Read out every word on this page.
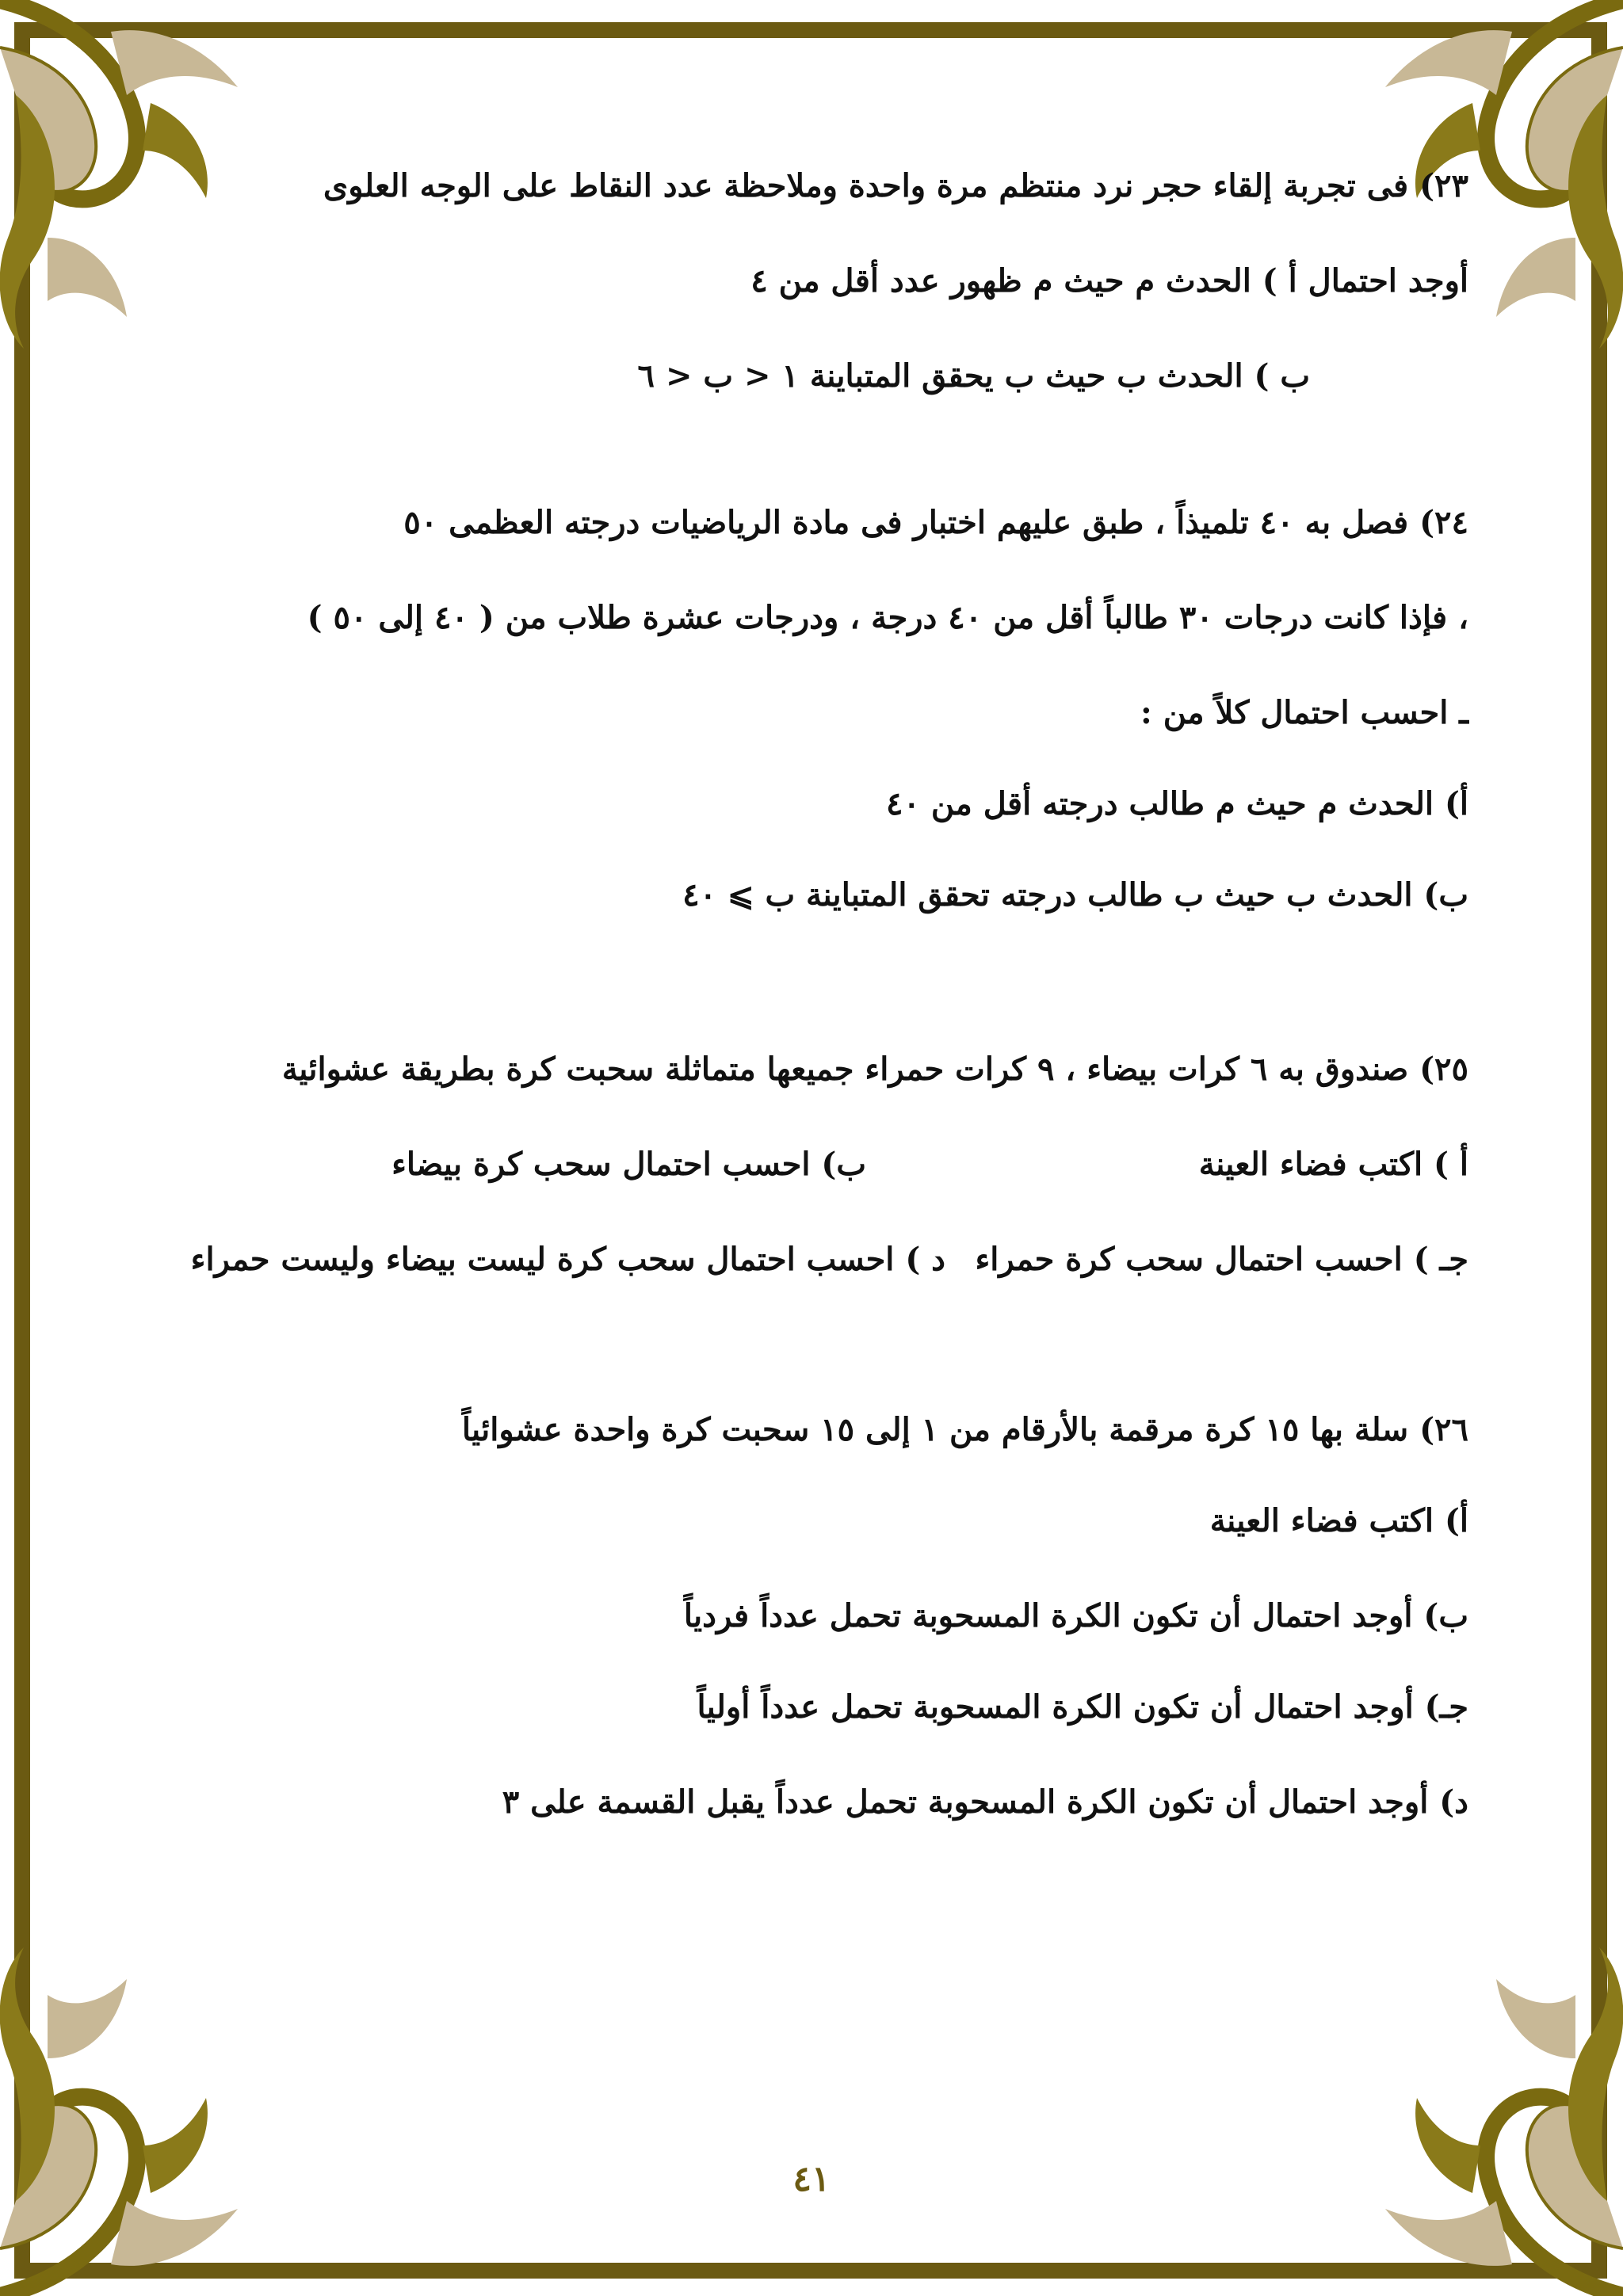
٢٣) فى تجربة إلقاء حجر نرد منتظم مرة واحدة وملاحظة عدد النقاط على الوجه العلوى
أوجد احتمال أ ) الحدث م حيث م ظهور عدد أقل من ٤
ب ) الحدث ب حيث ب يحقق المتباينة ١ < ب < ٦
٢٤) فصل به ٤٠ تلميذاً ، طبق عليهم اختبار فى مادة الرياضيات درجته العظمى ٥٠
، فإذا كانت درجات ٣٠ طالباً أقل من ٤٠ درجة ، ودرجات عشرة طلاب من ( ٤٠ إلى ٥٠ )
ـ احسب احتمال كلاً من :
أ) الحدث م حيث م طالب درجته أقل من ٤٠
ب) الحدث ب حيث ب طالب درجته تحقق المتباينة ب ⩾ ٤٠
٢٥) صندوق به ٦ كرات بيضاء ، ٩ كرات حمراء جميعها متماثلة سحبت كرة بطريقة عشوائية
أ ) اكتب فضاء العينة
ب) احسب احتمال سحب كرة بيضاء
جـ ) احسب احتمال سحب كرة حمراء
د ) احسب احتمال سحب كرة ليست بيضاء وليست حمراء
٢٦) سلة بها ١٥ كرة مرقمة بالأرقام من ١ إلى ١٥ سحبت كرة واحدة عشوائياً
أ) اكتب فضاء العينة
ب) أوجد احتمال أن تكون الكرة المسحوبة تحمل عدداً فردياً
جـ) أوجد احتمال أن تكون الكرة المسحوبة تحمل عدداً أولياً
د) أوجد احتمال أن تكون الكرة المسحوبة تحمل عدداً يقبل القسمة على ٣
٤١
